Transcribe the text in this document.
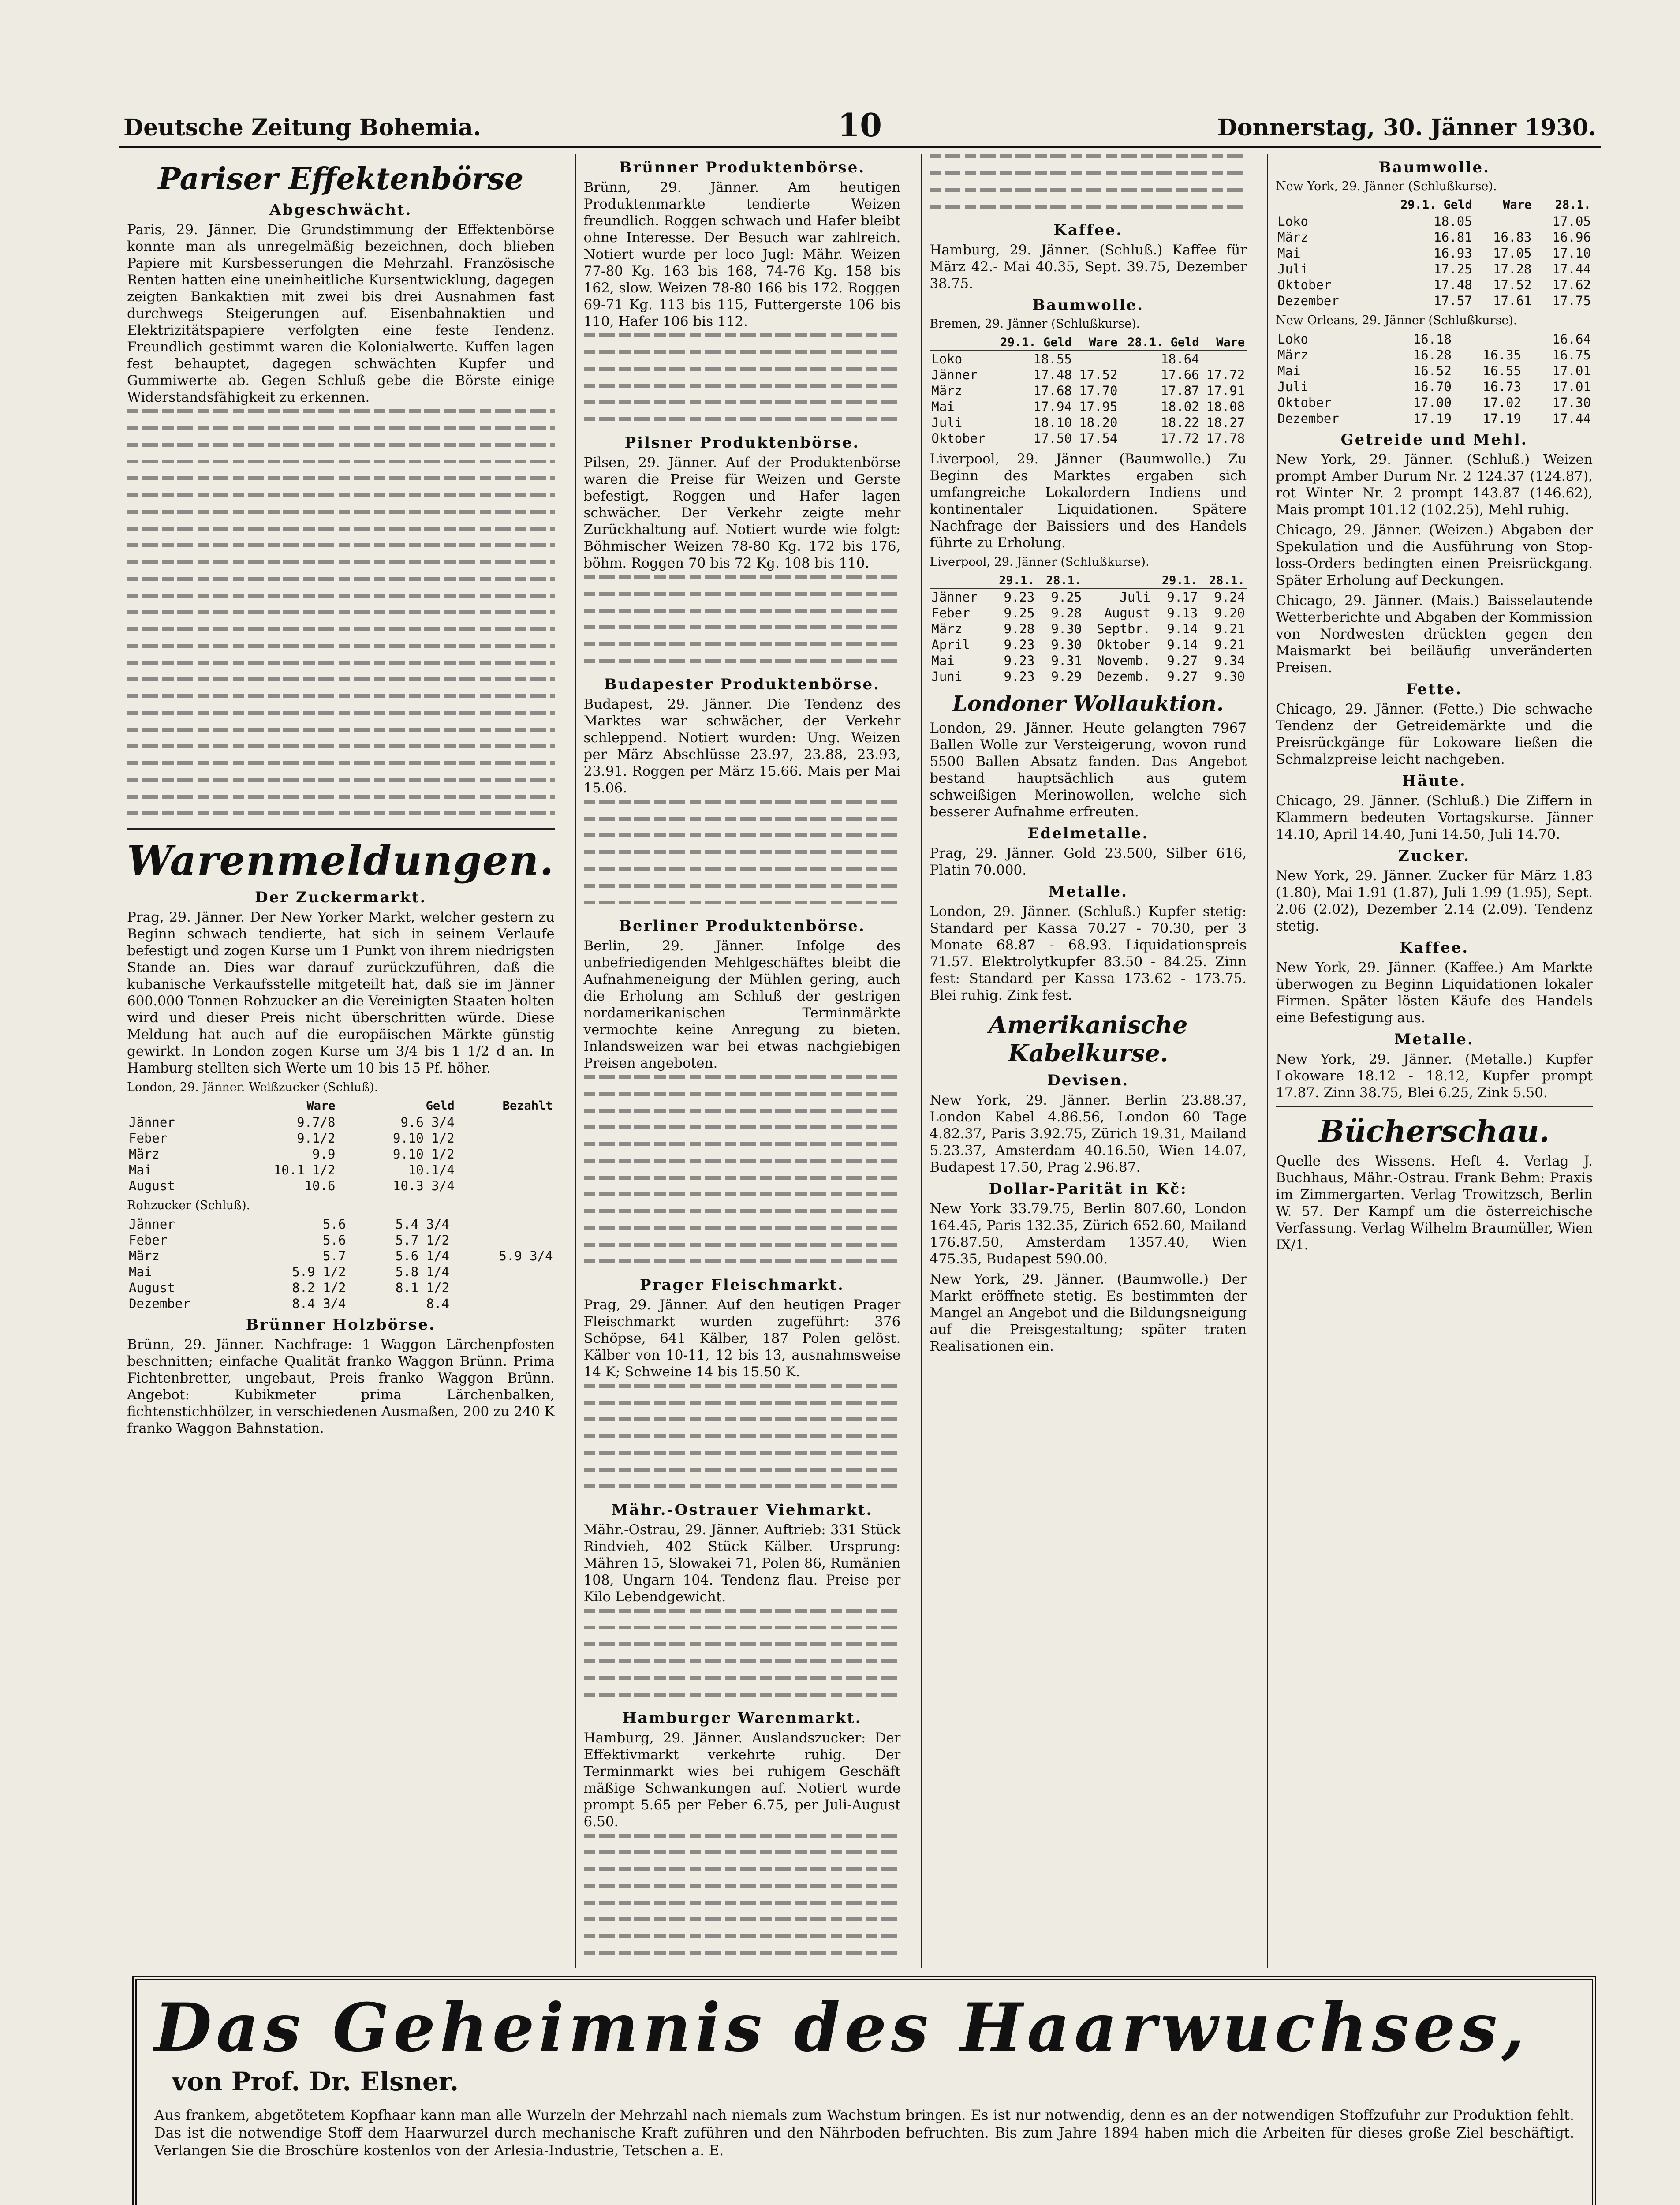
Deutsche Zeitung Bohemia.	10	Donnerstag, 30. Jänner 1930.
Pariser Effektenbörse
Abgeschwächt.

Paris, 29. Jänner. Die Grundstimmung der Effektenbörse konnte man als unregelmäßig bezeichnen, doch blieben Papiere mit Kursbesserungen die Mehrzahl. Französische Renten hatten eine uneinheitliche Kursentwicklung, dagegen zeigten Bankaktien mit zwei bis drei Ausnahmen fast durchwegs Steigerungen auf. Eisenbahnaktien und Elektrizitätspapiere verfolgten eine feste Tendenz. Freundlich gestimmt waren die Kolonialwerte. Kuffen lagen fest behauptet, dagegen schwächten Kupfer und Gummiwerte ab. Gegen Schluß gebe die Börste einige Widerstandsfähigkeit zu erkennen.

Warenmeldungen.
Der Zuckermarkt.

Prag, 29. Jänner. Der New Yorker Markt, welcher gestern zu Beginn schwach tendierte, hat sich in seinem Verlaufe befestigt und zogen Kurse um 1 Punkt von ihrem niedrigsten Stande an. Dies war darauf zurückzuführen, daß die kubanische Verkaufsstelle mitgeteilt hat, daß sie im Jänner 600.000 Tonnen Rohzucker an die Vereinigten Staaten holten wird und dieser Preis nicht überschritten würde. Diese Meldung hat auch auf die europäischen Märkte günstig gewirkt. In London zogen Kurse um 3/4 bis 1 1/2 d an. In Hamburg stellten sich Werte um 10 bis 15 Pf. höher.

London, 29. Jänner. Weißzucker (Schluß).
	Ware	Geld	Bezahlt
Jänner	9.7/8	9.6 3/4	
Feber	9.1/2	9.10 1/2	
März	9.9	9.10 1/2	
Mai	10.1 1/2	10.1/4	
August	10.6	10.3 3/4	
Rohzucker (Schluß).
Jänner	5.6	5.4 3/4	
Feber	5.6	5.7 1/2	
März	5.7	5.6 1/4	5.9 3/4
Mai	5.9 1/2	5.8 1/4	
August	8.2 1/2	8.1 1/2	
Dezember	8.4 3/4	8.4	
Brünner Holzbörse.

Brünn, 29. Jänner. Nachfrage: 1 Waggon Lärchenpfosten beschnitten; einfache Qualität franko Waggon Brünn. Prima Fichtenbretter, ungebaut, Preis franko Waggon Brünn. Angebot: Kubikmeter prima Lärchenbalken, fichtenstichhölzer, in verschiedenen Ausmaßen, 200 zu 240 K franko Waggon Bahnstation.

Brünner Produktenbörse.

Brünn, 29. Jänner. Am heutigen Produktenmarkte tendierte Weizen freundlich. Roggen schwach und Hafer bleibt ohne Interesse. Der Besuch war zahlreich. Notiert wurde per loco Jugl: Mähr. Weizen 77-80 Kg. 163 bis 168, 74-76 Kg. 158 bis 162, slow. Weizen 78-80 166 bis 172. Roggen 69-71 Kg. 113 bis 115, Futtergerste 106 bis 110, Hafer 106 bis 112.

Pilsner Produktenbörse.

Pilsen, 29. Jänner. Auf der Produktenbörse waren die Preise für Weizen und Gerste befestigt, Roggen und Hafer lagen schwächer. Der Verkehr zeigte mehr Zurückhaltung auf. Notiert wurde wie folgt: Böhmischer Weizen 78-80 Kg. 172 bis 176, böhm. Roggen 70 bis 72 Kg. 108 bis 110.

Budapester Produktenbörse.

Budapest, 29. Jänner. Die Tendenz des Marktes war schwächer, der Verkehr schleppend. Notiert wurden: Ung. Weizen per März Abschlüsse 23.97, 23.88, 23.93, 23.91. Roggen per März 15.66. Mais per Mai 15.06.

Berliner Produktenbörse.

Berlin, 29. Jänner. Infolge des unbefriedigenden Mehlgeschäftes bleibt die Aufnahmeneigung der Mühlen gering, auch die Erholung am Schluß der gestrigen nordamerikanischen Terminmärkte vermochte keine Anregung zu bieten. Inlandsweizen war bei etwas nachgiebigen Preisen angeboten.

Prager Fleischmarkt.

Prag, 29. Jänner. Auf den heutigen Prager Fleischmarkt wurden zugeführt: 376 Schöpse, 641 Kälber, 187 Polen gelöst. Kälber von 10-11, 12 bis 13, ausnahmsweise 14 K; Schweine 14 bis 15.50 K.

Mähr.-Ostrauer Viehmarkt.

Mähr.-Ostrau, 29. Jänner. Auftrieb: 331 Stück Rindvieh, 402 Stück Kälber. Ursprung: Mähren 15, Slowakei 71, Polen 86, Rumänien 108, Ungarn 104. Tendenz flau. Preise per Kilo Lebendgewicht.

Hamburger Warenmarkt.

Hamburg, 29. Jänner. Auslandszucker: Der Effektivmarkt verkehrte ruhig. Der Terminmarkt wies bei ruhigem Geschäft mäßige Schwankungen auf. Notiert wurde prompt 5.65 per Feber 6.75, per Juli-August 6.50.

Kaffee.

Hamburg, 29. Jänner. (Schluß.) Kaffee für März 42.- Mai 40.35, Sept. 39.75, Dezember 38.75.

Baumwolle.
Bremen, 29. Jänner (Schlußkurse).
	29.1. Geld	Ware	28.1. Geld	Ware
Loko	18.55		18.64	
Jänner	17.48	17.52	17.66	17.72
März	17.68	17.70	17.87	17.91
Mai	17.94	17.95	18.02	18.08
Juli	18.10	18.20	18.22	18.27
Oktober	17.50	17.54	17.72	17.78

Liverpool, 29. Jänner (Baumwolle.) Zu Beginn des Marktes ergaben sich umfangreiche Lokalordern Indiens und kontinentaler Liquidationen. Spätere Nachfrage der Baissiers und des Handels führte zu Erholung.

Liverpool, 29. Jänner (Schlußkurse).
	29.1.	28.1.		29.1.	28.1.
Jänner	9.23	9.25	Juli	9.17	9.24
Feber	9.25	9.28	August	9.13	9.20
März	9.28	9.30	Septbr.	9.14	9.21
April	9.23	9.30	Oktober	9.14	9.21
Mai	9.23	9.31	Novemb.	9.27	9.34
Juni	9.23	9.29	Dezemb.	9.27	9.30
Londoner Wollauktion.

London, 29. Jänner. Heute gelangten 7967 Ballen Wolle zur Versteigerung, wovon rund 5500 Ballen Absatz fanden. Das Angebot bestand hauptsächlich aus gutem schweißigen Merinowollen, welche sich besserer Aufnahme erfreuten.

Edelmetalle.

Prag, 29. Jänner. Gold 23.500, Silber 616, Platin 70.000.

Metalle.

London, 29. Jänner. (Schluß.) Kupfer stetig: Standard per Kassa 70.27 - 70.30, per 3 Monate 68.87 - 68.93. Liquidationspreis 71.57. Elektrolytkupfer 83.50 - 84.25. Zinn fest: Standard per Kassa 173.62 - 173.75. Blei ruhig. Zink fest.

Amerikanische Kabelkurse.
Devisen.

New York, 29. Jänner. Berlin 23.88.37, London Kabel 4.86.56, London 60 Tage 4.82.37, Paris 3.92.75, Zürich 19.31, Mailand 5.23.37, Amsterdam 40.16.50, Wien 14.07, Budapest 17.50, Prag 2.96.87.

Dollar-Parität in Kč:

New York 33.79.75, Berlin 807.60, London 164.45, Paris 132.35, Zürich 652.60, Mailand 176.87.50, Amsterdam 1357.40, Wien 475.35, Budapest 590.00.

New York, 29. Jänner. (Baumwolle.) Der Markt eröffnete stetig. Es bestimmten der Mangel an Angebot und die Bildungsneigung auf die Preisgestaltung; später traten Realisationen ein.

Baumwolle.
New York, 29. Jänner (Schlußkurse).
	29.1. Geld	Ware	28.1.
Loko	18.05		17.05
März	16.81	16.83	16.96
Mai	16.93	17.05	17.10
Juli	17.25	17.28	17.44
Oktober	17.48	17.52	17.62
Dezember	17.57	17.61	17.75
New Orleans, 29. Jänner (Schlußkurse).
Loko	16.18		16.64
März	16.28	16.35	16.75
Mai	16.52	16.55	17.01
Juli	16.70	16.73	17.01
Oktober	17.00	17.02	17.30
Dezember	17.19	17.19	17.44
Getreide und Mehl.

New York, 29. Jänner. (Schluß.) Weizen prompt Amber Durum Nr. 2 124.37 (124.87), rot Winter Nr. 2 prompt 143.87 (146.62), Mais prompt 101.12 (102.25), Mehl ruhig.

Chicago, 29. Jänner. (Weizen.) Abgaben der Spekulation und die Ausführung von Stop-loss-Orders bedingten einen Preisrückgang. Später Erholung auf Deckungen.

Chicago, 29. Jänner. (Mais.) Baisselautende Wetterberichte und Abgaben der Kommission von Nordwesten drückten gegen den Maismarkt bei beiläufig unveränderten Preisen.

Fette.

Chicago, 29. Jänner. (Fette.) Die schwache Tendenz der Getreidemärkte und die Preisrückgänge für Lokoware ließen die Schmalzpreise leicht nachgeben.

Häute.

Chicago, 29. Jänner. (Schluß.) Die Ziffern in Klammern bedeuten Vortagskurse. Jänner 14.10, April 14.40, Juni 14.50, Juli 14.70.

Zucker.

New York, 29. Jänner. Zucker für März 1.83 (1.80), Mai 1.91 (1.87), Juli 1.99 (1.95), Sept. 2.06 (2.02), Dezember 2.14 (2.09). Tendenz stetig.

Kaffee.

New York, 29. Jänner. (Kaffee.) Am Markte überwogen zu Beginn Liquidationen lokaler Firmen. Später lösten Käufe des Handels eine Befestigung aus.

Metalle.

New York, 29. Jänner. (Metalle.) Kupfer Lokoware 18.12 - 18.12, Kupfer prompt 17.87. Zinn 38.75, Blei 6.25, Zink 5.50.

Bücherschau.

Quelle des Wissens. Heft 4. Verlag J. Buchhaus, Mähr.-Ostrau. Frank Behm: Praxis im Zimmergarten. Verlag Trowitzsch, Berlin W. 57. Der Kampf um die österreichische Verfassung. Verlag Wilhelm Braumüller, Wien IX/1.

Das Geheimnis des Haarwuchses, von Prof. Dr. Elsner.
Aus frankem, abgetötetem Kopfhaar kann man alle Wurzeln der Mehrzahl nach niemals zum Wachstum bringen. Es ist nur notwendig, denn es an der notwendigen Stoffzufuhr zur Produktion fehlt. Das ist die notwendige Stoff dem Haarwurzel durch mechanische Kraft zuführen und den Nährboden befruchten. Bis zum Jahre 1894 haben mich die Arbeiten für dieses große Ziel beschäftigt. Verlangen Sie die Broschüre kostenlos von der Arlesia-Industrie, Tetschen a. E.
